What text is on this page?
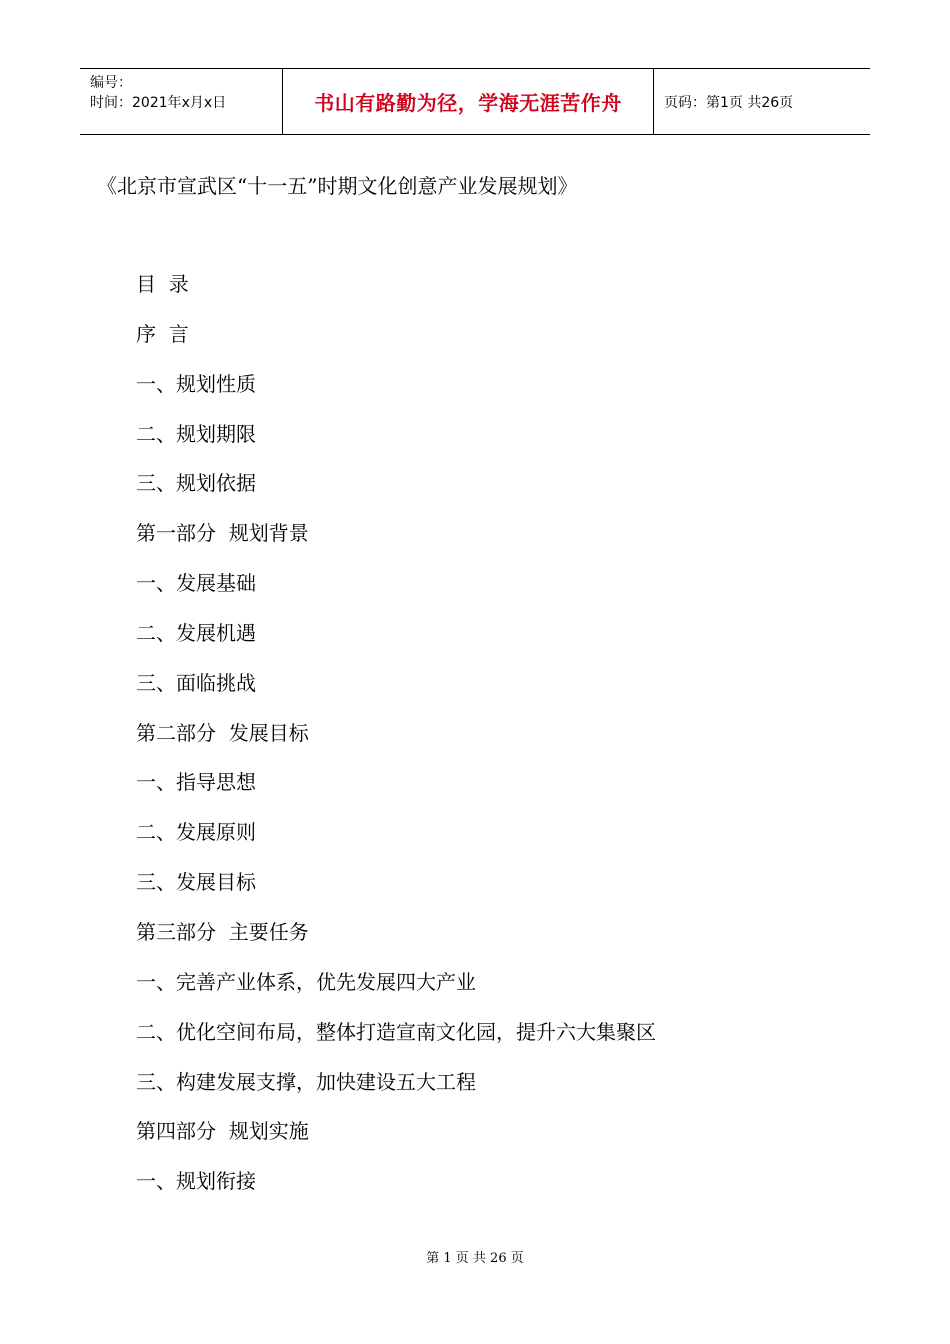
编号：
时间：2021年x月x日	书山有路勤为径，学海无涯苦作舟	页码：第1页 共26页
《北京市宣武区“十一五”时期文化创意产业发展规划》
目  录
序  言
一、规划性质
二、规划期限
三、规划依据
第一部分  规划背景
一、发展基础
二、发展机遇
三、面临挑战
第二部分  发展目标
一、指导思想
二、发展原则
三、发展目标
第三部分  主要任务
一、完善产业体系，优先发展四大产业
二、优化空间布局，整体打造宣南文化园，提升六大集聚区
三、构建发展支撑，加快建设五大工程
第四部分  规划实施
一、规划衔接
第 1 页 共 26 页
